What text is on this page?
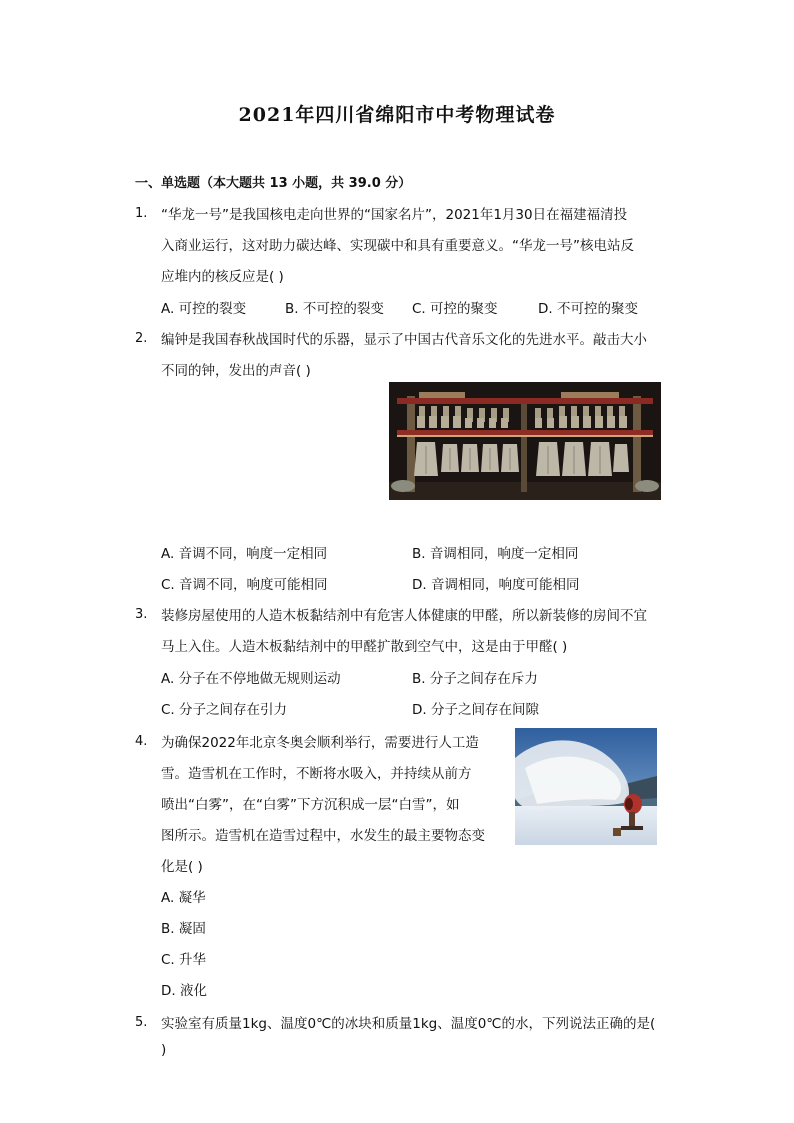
2021年四川省绵阳市中考物理试卷
一、单选题（本大题共 13 小题，共 39.0 分）
1. “华龙一号”是我国核电走向世界的“国家名片”，2021年1月30日在福建福清投
入商业运行，这对助力碳达峰、实现碳中和具有重要意义。“华龙一号”核电站反
应堆内的核反应是( )
A. 可控的裂变	B. 不可控的裂变 C. 可控的聚变	D. 不可控的聚变
2. 编钟是我国春秋战国时代的乐器，显示了中国古代音乐文化的先进水平。敲击大小
不同的钟，发出的声音( )
A. 音调不同，响度一定相同	B. 音调相同，响度一定相同
C. 音调不同，响度可能相同	D. 音调相同，响度可能相同
3. 装修房屋使用的人造木板黏结剂中有危害人体健康的甲醛，所以新装修的房间不宜
马上入住。人造木板黏结剂中的甲醛扩散到空气中，这是由于甲醛( )
A. 分子在不停地做无规则运动	B. 分子之间存在斥力
C. 分子之间存在引力	D. 分子之间存在间隙
4. 为确保2022年北京冬奥会顺利举行，需要进行人工造
雪。造雪机在工作时，不断将水吸入，并持续从前方
喷出“白雾”，在“白雾”下方沉积成一层“白雪”，如
图所示。造雪机在造雪过程中，水发生的最主要物态变
化是( )
A. 凝华
B. 凝固
C. 升华
D. 液化
5. 实验室有质量1kg、温度0℃的冰块和质量1kg、温度0℃的水，下列说法正确的是(
)
